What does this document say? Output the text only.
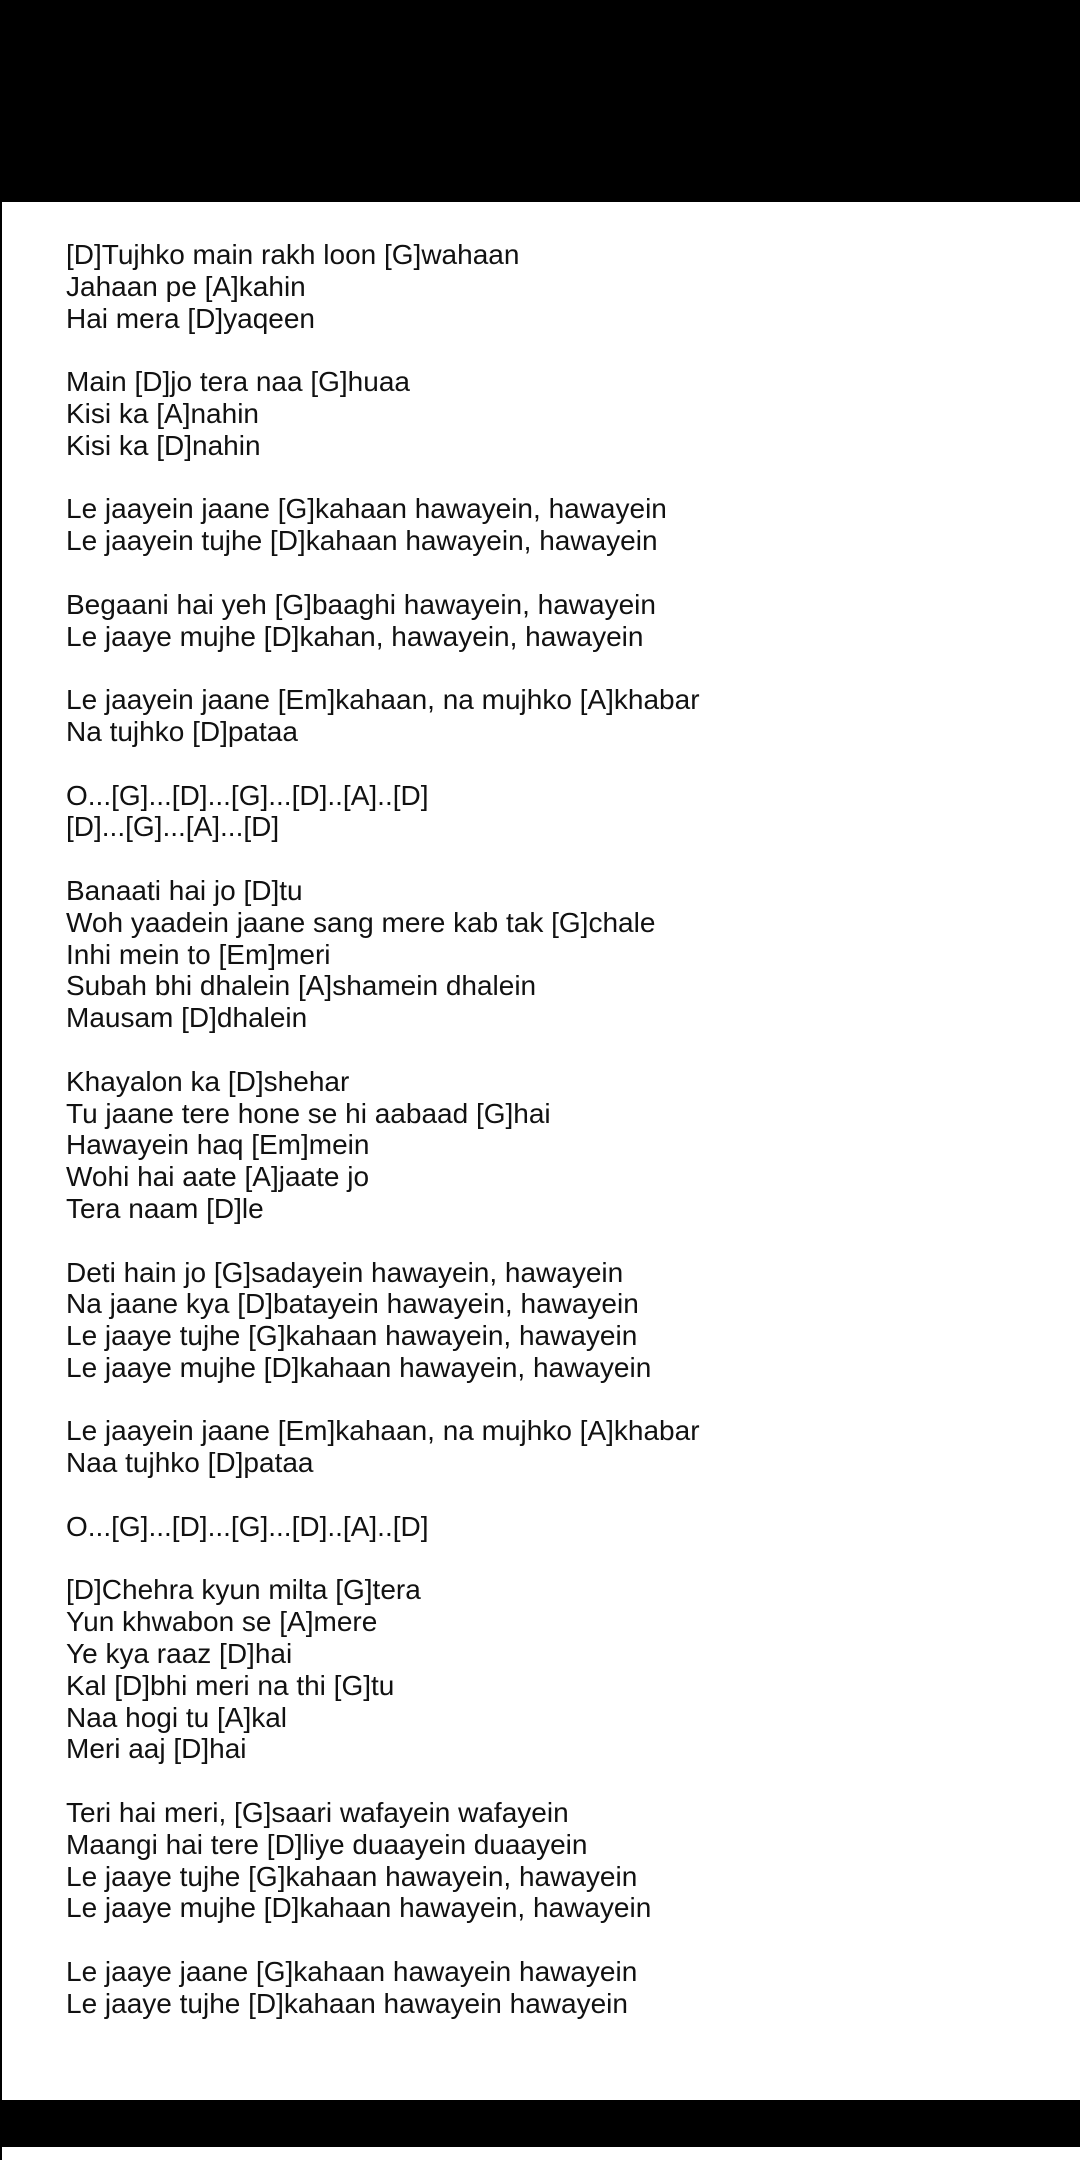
[D]Tujhko main rakh loon [G]wahaan
Jahaan pe [A]kahin
Hai mera [D]yaqeen
Main [D]jo tera naa [G]huaa
Kisi ka [A]nahin
Kisi ka [D]nahin
Le jaayein jaane [G]kahaan hawayein, hawayein
Le jaayein tujhe [D]kahaan hawayein, hawayein
Begaani hai yeh [G]baaghi hawayein, hawayein
Le jaaye mujhe [D]kahan, hawayein, hawayein
Le jaayein jaane [Em]kahaan, na mujhko [A]khabar
Na tujhko [D]pataa
O...[G]...[D]...[G]...[D]..[A]..[D]
[D]...[G]...[A]...[D]
Banaati hai jo [D]tu
Woh yaadein jaane sang mere kab tak [G]chale
Inhi mein to [Em]meri
Subah bhi dhalein [A]shamein dhalein
Mausam [D]dhalein
Khayalon ka [D]shehar
Tu jaane tere hone se hi aabaad [G]hai
Hawayein haq [Em]mein
Wohi hai aate [A]jaate jo
Tera naam [D]le
Deti hain jo [G]sadayein hawayein, hawayein
Na jaane kya [D]batayein hawayein, hawayein
Le jaaye tujhe [G]kahaan hawayein, hawayein
Le jaaye mujhe [D]kahaan hawayein, hawayein
Le jaayein jaane [Em]kahaan, na mujhko [A]khabar
Naa tujhko [D]pataa
O...[G]...[D]...[G]...[D]..[A]..[D]
[D]Chehra kyun milta [G]tera
Yun khwabon se [A]mere
Ye kya raaz [D]hai
Kal [D]bhi meri na thi [G]tu
Naa hogi tu [A]kal
Meri aaj [D]hai
Teri hai meri, [G]saari wafayein wafayein
Maangi hai tere [D]liye duaayein duaayein
Le jaaye tujhe [G]kahaan hawayein, hawayein
Le jaaye mujhe [D]kahaan hawayein, hawayein
Le jaaye jaane [G]kahaan hawayein hawayein
Le jaaye tujhe [D]kahaan hawayein hawayein
